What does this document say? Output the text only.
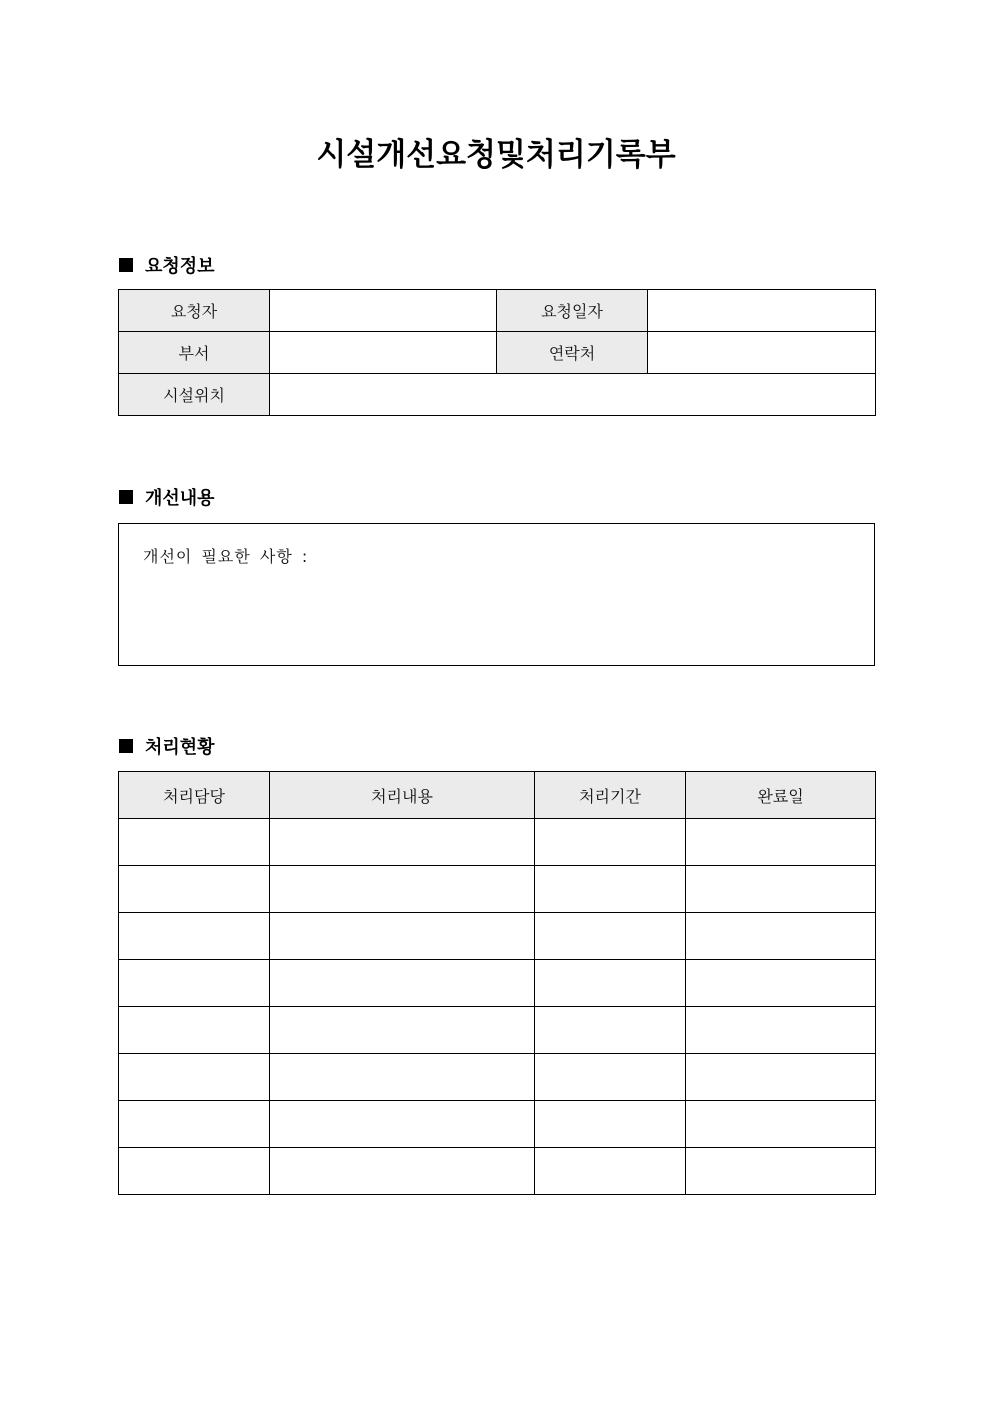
시설개선요청및처리기록부
요청정보
요청자		요청일자	
부서		연락처	
시설위치			
개선내용
개선이 필요한 사항 :
처리현황
처리담당	처리내용	처리기간	완료일
